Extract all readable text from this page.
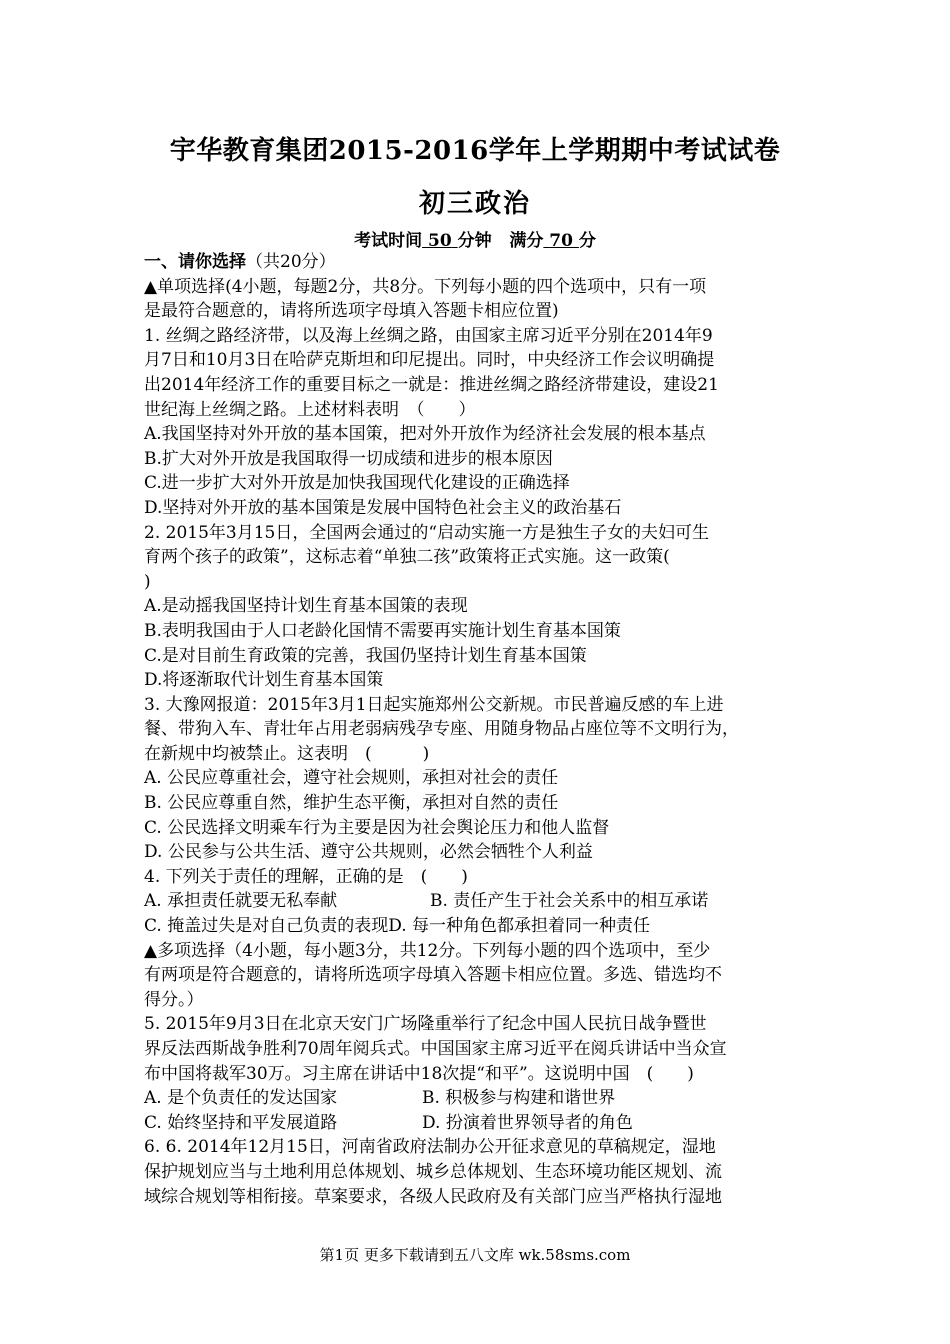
宇华教育集团2015-2016学年上学期期中考试试卷
初三政治
考试时间 50 分钟 满分 70 分
一、请你选择（共20分）
▲单项选择(4小题，每题2分，共8分。下列每小题的四个选项中，只有一项
是最符合题意的，请将所选项字母填入答题卡相应位置)
1. 丝绸之路经济带，以及海上丝绸之路，由国家主席习近平分别在2014年9
月7日和10月3日在哈萨克斯坦和印尼提出。同时，中央经济工作会议明确提
出2014年经济工作的重要目标之一就是：推进丝绸之路经济带建设，建设21
世纪海上丝绸之路。上述材料表明　（　　）
A.我国坚持对外开放的基本国策，把对外开放作为经济社会发展的根本基点
B.扩大对外开放是我国取得一切成绩和进步的根本原因
C.进一步扩大对外开放是加快我国现代化建设的正确选择
D.坚持对外开放的基本国策是发展中国特色社会主义的政治基石
2. 2015年3月15日，全国两会通过的“启动实施一方是独生子女的夫妇可生
育两个孩子的政策”，这标志着“单独二孩”政策将正式实施。这一政策(
)
A.是动摇我国坚持计划生育基本国策的表现
B.表明我国由于人口老龄化国情不需要再实施计划生育基本国策
C.是对目前生育政策的完善，我国仍坚持计划生育基本国策
D.将逐渐取代计划生育基本国策
3. 大豫网报道：2015年3月1日起实施郑州公交新规。市民普遍反感的车上进
餐、带狗入车、青壮年占用老弱病残孕专座、用随身物品占座位等不文明行为，
在新规中均被禁止。这表明　(　　　)
A. 公民应尊重社会，遵守社会规则，承担对社会的责任
B. 公民应尊重自然，维护生态平衡，承担对自然的责任
C. 公民选择文明乘车行为主要是因为社会舆论压力和他人监督
D. 公民参与公共生活、遵守公共规则，必然会牺牲个人利益
4. 下列关于责任的理解，正确的是　(　　)
A. 承担责任就要无私奉献	B. 责任产生于社会关系中的相互承诺
C. 掩盖过失是对自己负责的表现D. 每一种角色都承担着同一种责任
▲多项选择（4小题，每小题3分，共12分。下列每小题的四个选项中，至少
有两项是符合题意的，请将所选项字母填入答题卡相应位置。多选、错选均不
得分。）
5. 2015年9月3日在北京天安门广场隆重举行了纪念中国人民抗日战争暨世
界反法西斯战争胜利70周年阅兵式。中国国家主席习近平在阅兵讲话中当众宣
布中国将裁军30万。习主席在讲话中18次提“和平”。这说明中国　(　　)
A. 是个负责任的发达国家	B. 积极参与构建和谐世界
C. 始终坚持和平发展道路	D. 扮演着世界领导者的角色
6. 6. 2014年12月15日，河南省政府法制办公开征求意见的草稿规定，湿地
保护规划应当与土地利用总体规划、城乡总体规划、生态环境功能区规划、流
域综合规划等相衔接。草案要求，各级人民政府及有关部门应当严格执行湿地
第1页 更多下载请到五八文库 wk.58sms.com
